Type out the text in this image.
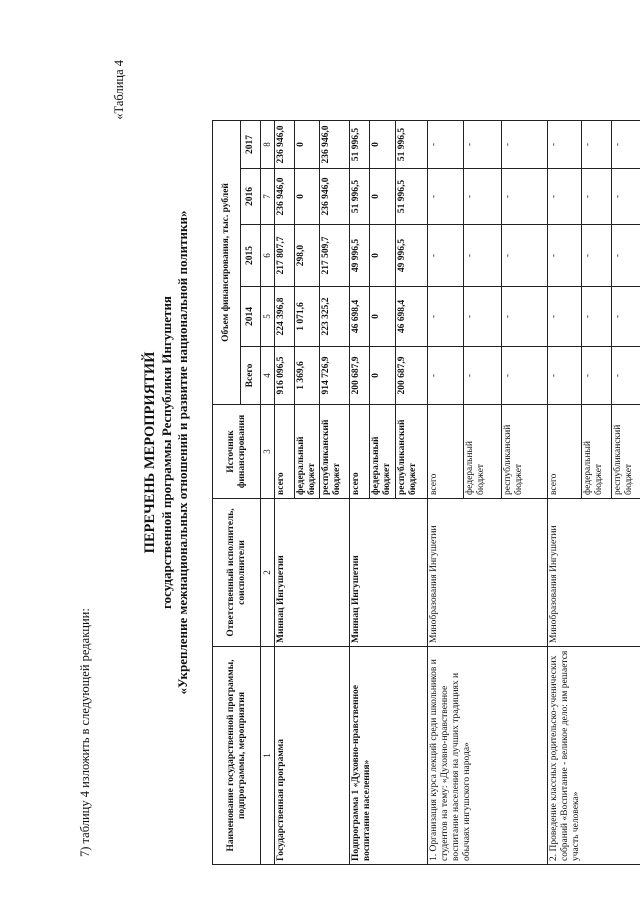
7) таблицу 4 изложить в следующей редакции:
«Таблица 4
ПЕРЕЧЕНЬ МЕРОПРИЯТИЙ государственной программы Республики Ингушетия «Укрепление межнациональных отношений и развитие национальной политики»
Наименование государственной программы, подпрограммы, мероприятия	Ответственный исполнитель, соисполнители	Источник финансирования	Объем финансирования, тыс. рублей				
			Всего	2014	2015	2016	2017
1	2	3	4	5	6	7	8
Государственная программа	Миннац Ингушетии	всего	916 096,5	224 396,8	217 807,7	236 946,0	236 946,0
		федеральный бюджет	1 369,6	1 071,6	298,0	0	0
		республиканский бюджет	914 726,9	223 325,2	217 509,7	236 946,0	236 946,0
Подпрограмма 1 «Духовно-нравственное воспитание населения»	Миннац Ингушетии	всего	200 687,9	46 698,4	49 996,5	51 996,5	51 996,5
		федеральный бюджет	0	0	0	0	0
		республиканский бюджет	200 687,9	46 698,4	49 996,5	51 996,5	51 996,5
1. Организация курса лекций среди школьников и студентов на тему: «Духовно-нравственное воспитание населения на лучших традициях и обычаях ингушского народа»	Минобразования Ингушетии	всего	-	-	-	-	-
		федеральный бюджет	-	-	-	-	-
		республиканский бюджет	-	-	-	-	-
2. Проведение классных родительско-ученических собраний «Воспитание - великое дело: им решается участь человека»	Минобразования Ингушетии	всего	-	-	-	-	-
		федеральный бюджет	-	-	-	-	-
		республиканский бюджет	-	-	-	-	-
